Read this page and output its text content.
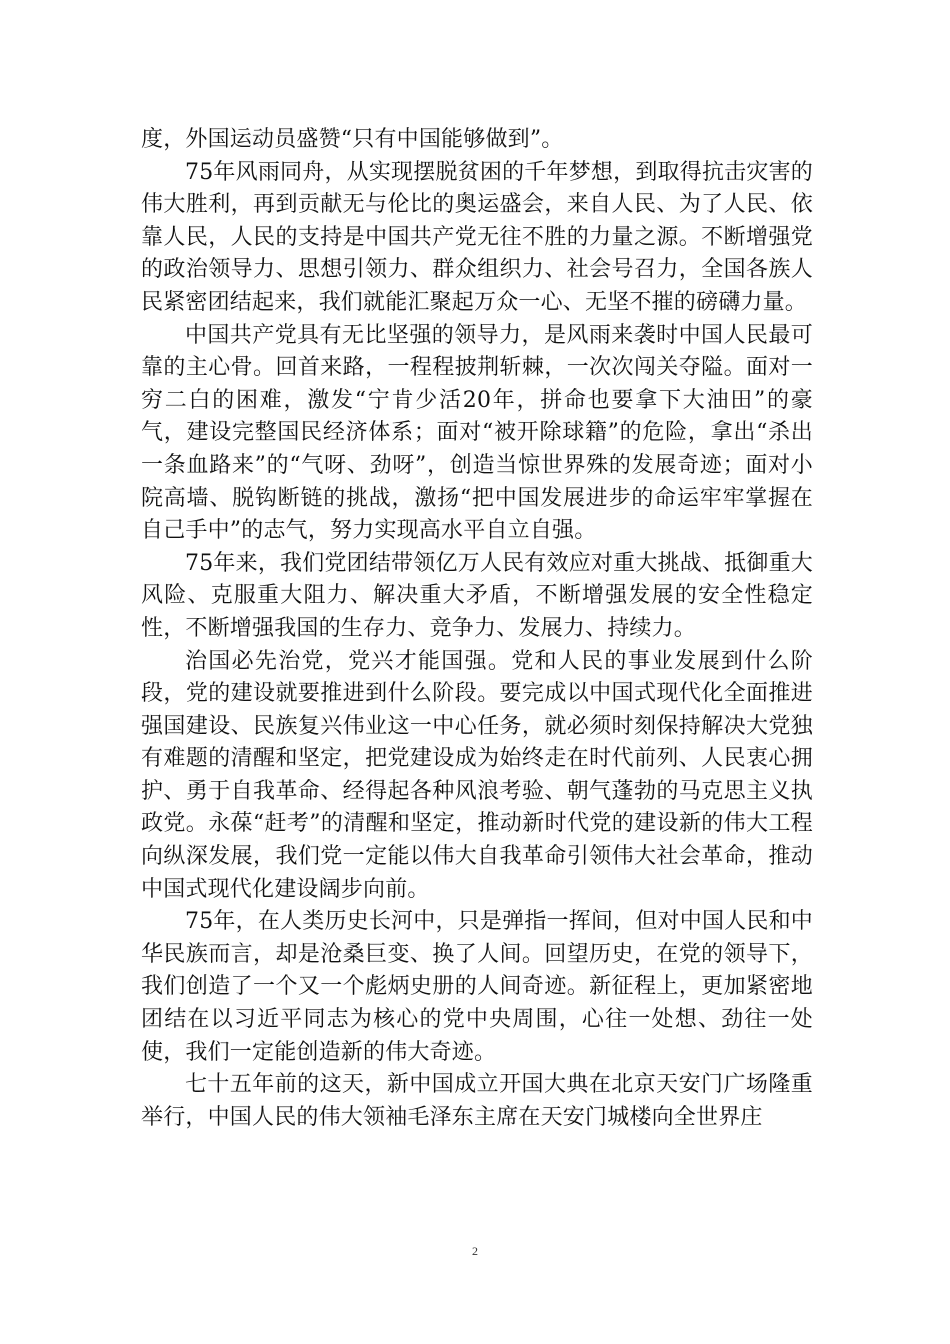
度，外国运动员盛赞“只有中国能够做到”。

75年风雨同舟，从实现摆脱贫困的千年梦想，到取得抗击灾害的伟大胜利，再到贡献无与伦比的奥运盛会，来自人民、为了人民、依靠人民，人民的支持是中国共产党无往不胜的力量之源。不断增强党的政治领导力、思想引领力、群众组织力、社会号召力，全国各族人民紧密团结起来，我们就能汇聚起万众一心、无坚不摧的磅礴力量。

中国共产党具有无比坚强的领导力，是风雨来袭时中国人民最可靠的主心骨。回首来路，一程程披荆斩棘，一次次闯关夺隘。面对一穷二白的困难，激发“宁肯少活20年，拼命也要拿下大油田”的豪气，建设完整国民经济体系；面对“被开除球籍”的危险，拿出“杀出一条血路来”的“气呀、劲呀”，创造当惊世界殊的发展奇迹；面对小院高墙、脱钩断链的挑战，激扬“把中国发展进步的命运牢牢掌握在自己手中”的志气，努力实现高水平自立自强。

75年来，我们党团结带领亿万人民有效应对重大挑战、抵御重大风险、克服重大阻力、解决重大矛盾，不断增强发展的安全性稳定性，不断增强我国的生存力、竞争力、发展力、持续力。

治国必先治党，党兴才能国强。党和人民的事业发展到什么阶段，党的建设就要推进到什么阶段。要完成以中国式现代化全面推进强国建设、民族复兴伟业这一中心任务，就必须时刻保持解决大党独有难题的清醒和坚定，把党建设成为始终走在时代前列、人民衷心拥护、勇于自我革命、经得起各种风浪考验、朝气蓬勃的马克思主义执政党。永葆“赶考”的清醒和坚定，推动新时代党的建设新的伟大工程向纵深发展，我们党一定能以伟大自我革命引领伟大社会革命，推动中国式现代化建设阔步向前。

75年，在人类历史长河中，只是弹指一挥间，但对中国人民和中华民族而言，却是沧桑巨变、换了人间。回望历史，在党的领导下，我们创造了一个又一个彪炳史册的人间奇迹。新征程上，更加紧密地团结在以习近平同志为核心的党中央周围，心往一处想、劲往一处使，我们一定能创造新的伟大奇迹。

七十五年前的这天，新中国成立开国大典在北京天安门广场隆重举行，中国人民的伟大领袖毛泽东主席在天安门城楼向全世界庄

2
